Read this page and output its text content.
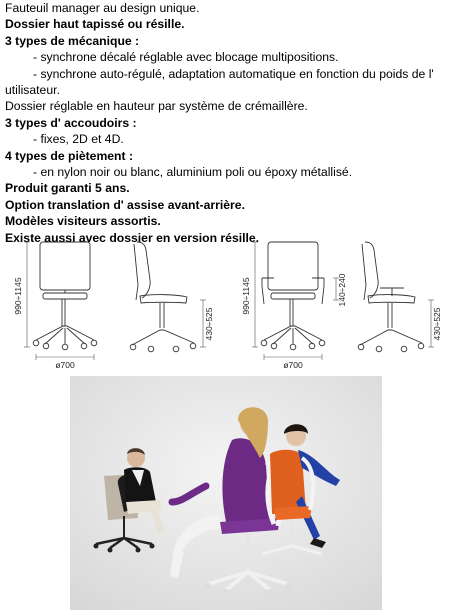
Fauteuil manager au design unique.

Dossier haut tapissé ou résille.

3 types de mécanique :

- synchrone décalé réglable avec blocage multipositions.

- synchrone auto-régulé, adaptation automatique en fonction du poids de l' utilisateur.

Dossier réglable en hauteur par système de crémaillère.

3 types d' accoudoirs :

- fixes, 2D et 4D.

4 types de piètement :

- en nylon noir ou blanc, aluminium poli ou époxy métallisé.

Produit garanti 5 ans.

Option translation d' assise avant-arrière.

Modèles visiteurs assortis.

Existe aussi avec dossier en version résille.

990÷1145
430÷525
ø700
990÷1145	140÷240
430÷525
ø700
